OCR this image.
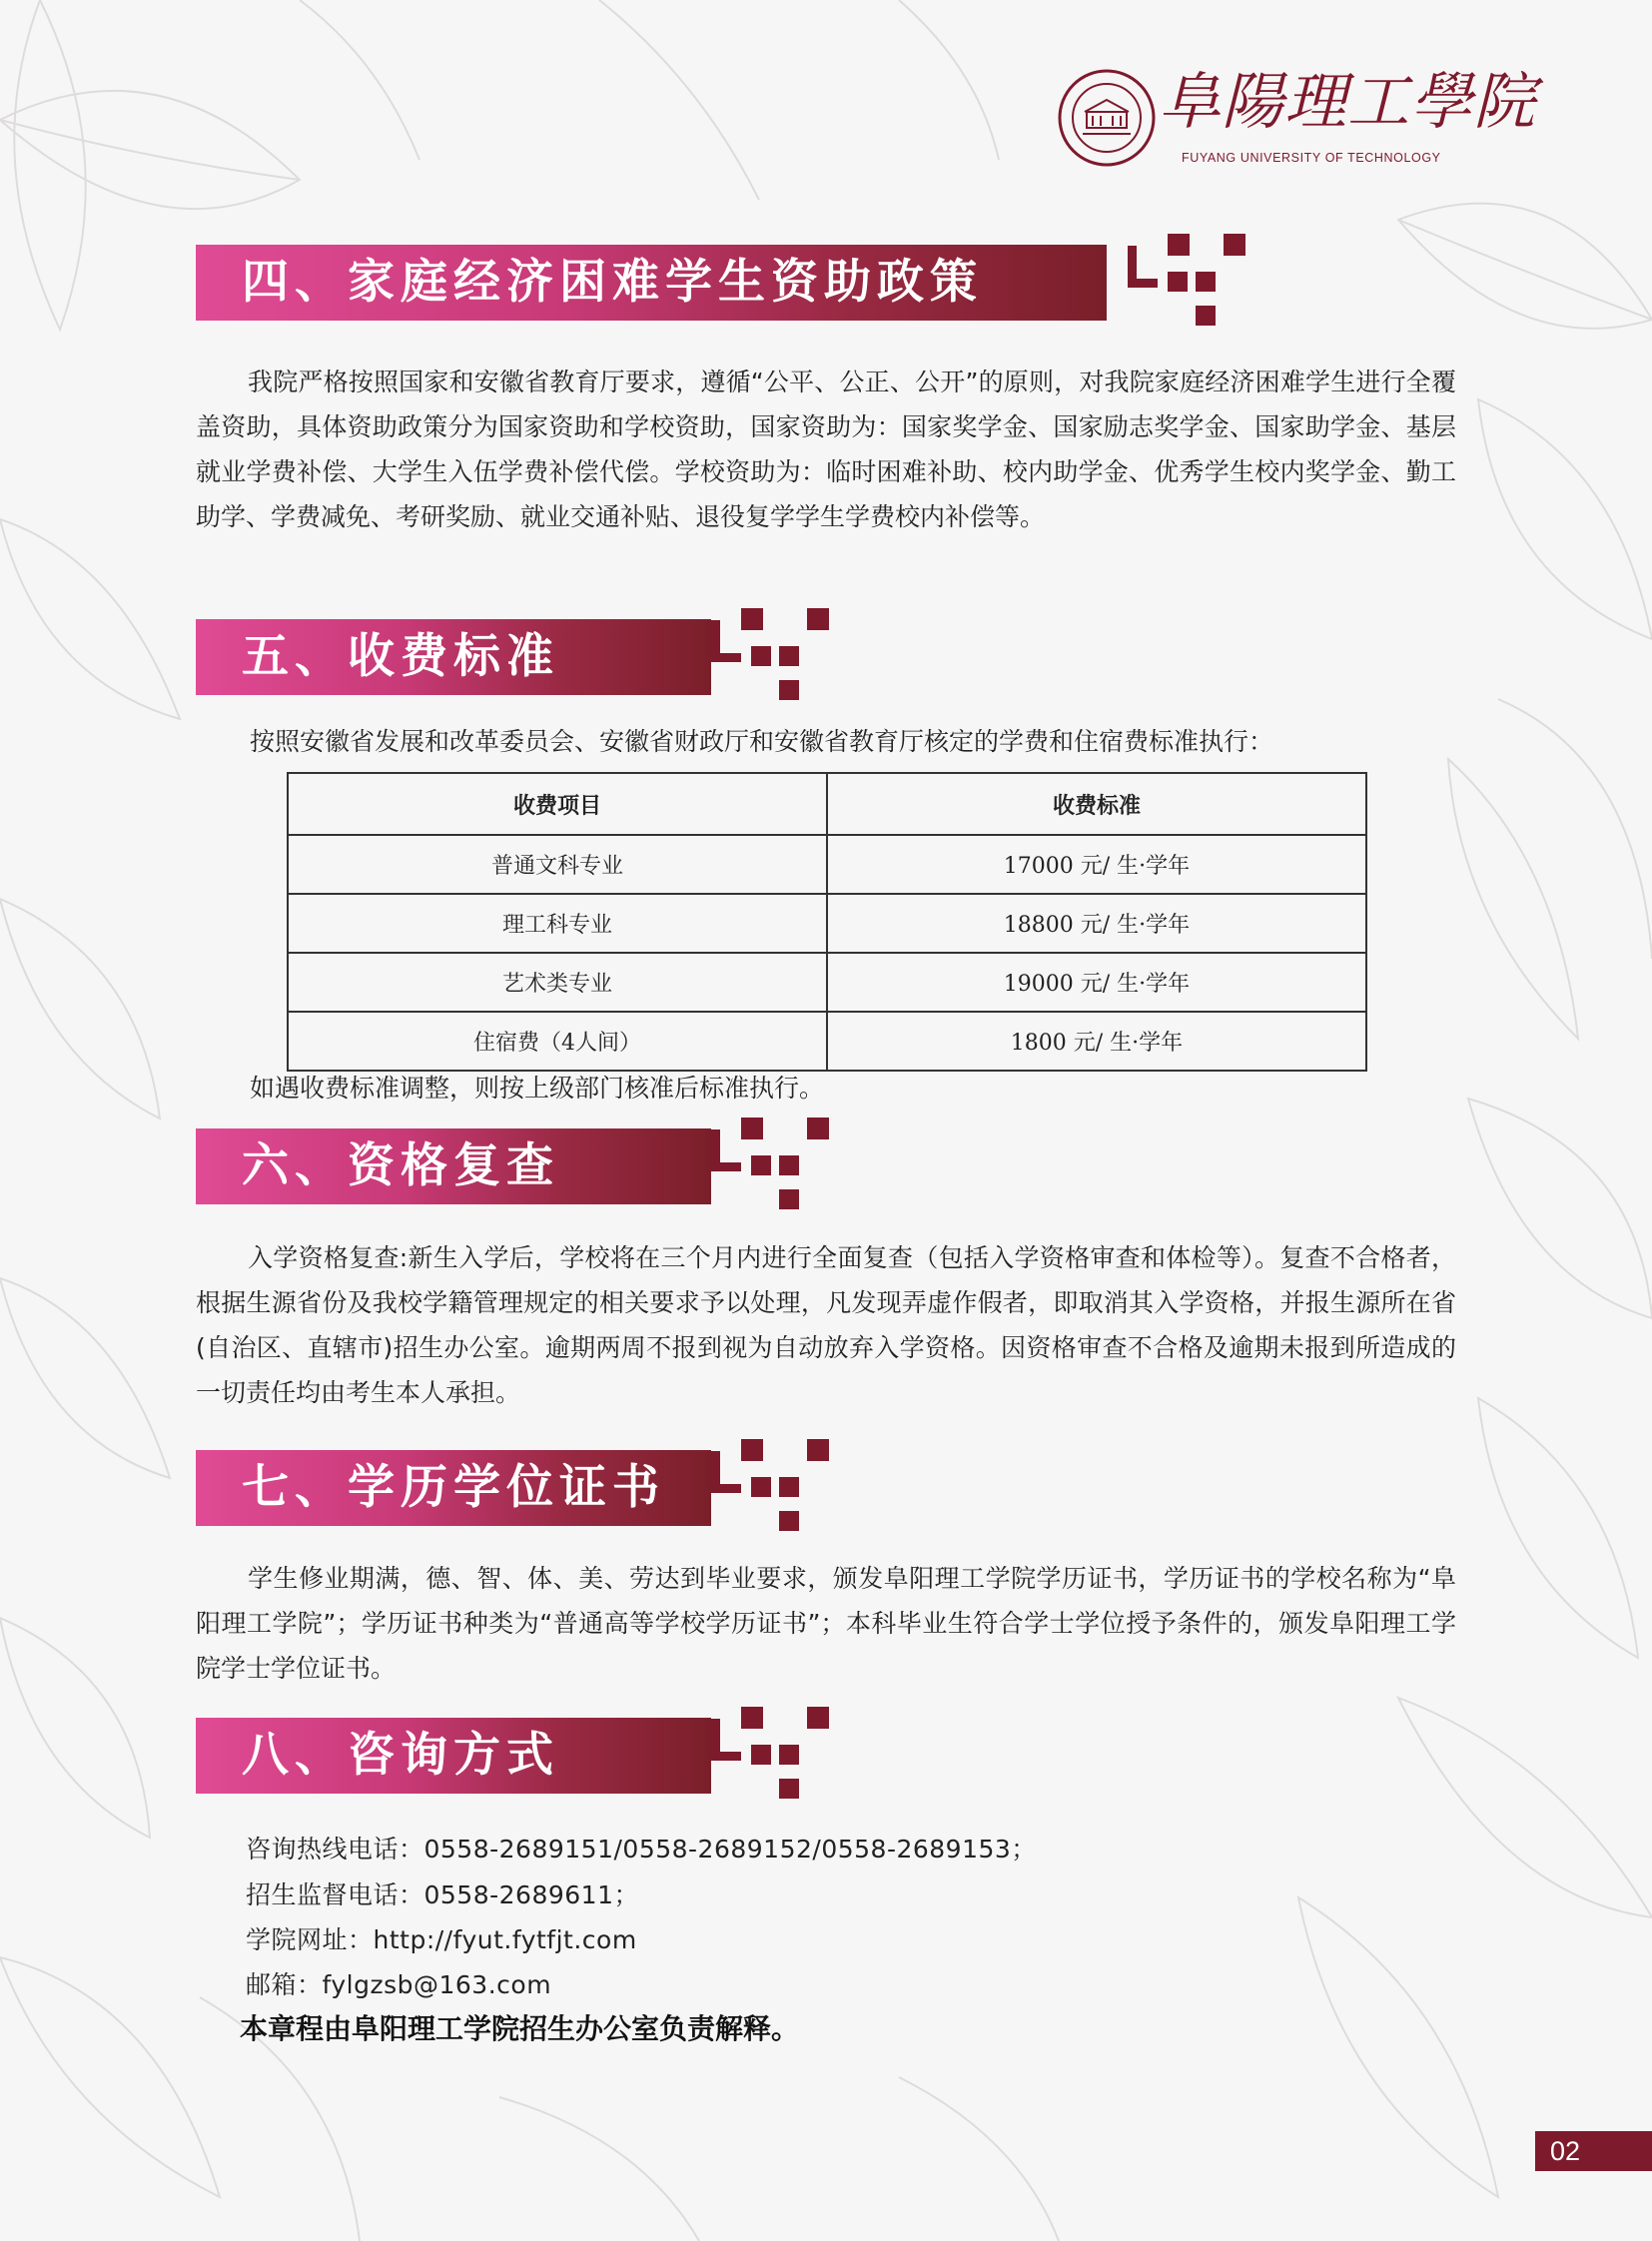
阜陽理工學院
FUYANG UNIVERSITY OF TECHNOLOGY
四、家庭经济困难学生资助政策

我院严格按照国家和安徽省教育厅要求，遵循“公平、公正、公开”的原则，对我院家庭经济困难学生进行全覆盖资助，具体资助政策分为国家资助和学校资助，国家资助为：国家奖学金、国家励志奖学金、国家助学金、基层就业学费补偿、大学生入伍学费补偿代偿。学校资助为：临时困难补助、校内助学金、优秀学生校内奖学金、勤工助学、学费减免、考研奖励、就业交通补贴、退役复学学生学费校内补偿等。

五、收费标准
按照安徽省发展和改革委员会、安徽省财政厅和安徽省教育厅核定的学费和住宿费标准执行：
收费项目	收费标准
普通文科专业	17000 元/ 生·学年
理工科专业	18800 元/ 生·学年
艺术类专业	19000 元/ 生·学年
住宿费（4人间）	1800 元/ 生·学年
如遇收费标准调整，则按上级部门核准后标准执行。
六、资格复查

入学资格复查:新生入学后，学校将在三个月内进行全面复查（包括入学资格审查和体检等）。复查不合格者，根据生源省份及我校学籍管理规定的相关要求予以处理，凡发现弄虚作假者，即取消其入学资格，并报生源所在省(自治区、直辖市)招生办公室。逾期两周不报到视为自动放弃入学资格。因资格审查不合格及逾期未报到所造成的一切责任均由考生本人承担。

七、学历学位证书

学生修业期满，德、智、体、美、劳达到毕业要求，颁发阜阳理工学院学历证书，学历证书的学校名称为“阜阳理工学院”；学历证书种类为“普通高等学校学历证书”；本科毕业生符合学士学位授予条件的，颁发阜阳理工学院学士学位证书。

八、咨询方式
咨询热线电话：0558-2689151/0558-2689152/0558-2689153；
招生监督电话：0558-2689611；
学院网址：http://fyut.fytfjt.com
邮箱：fylgzsb@163.com
本章程由阜阳理工学院招生办公室负责解释。
02
